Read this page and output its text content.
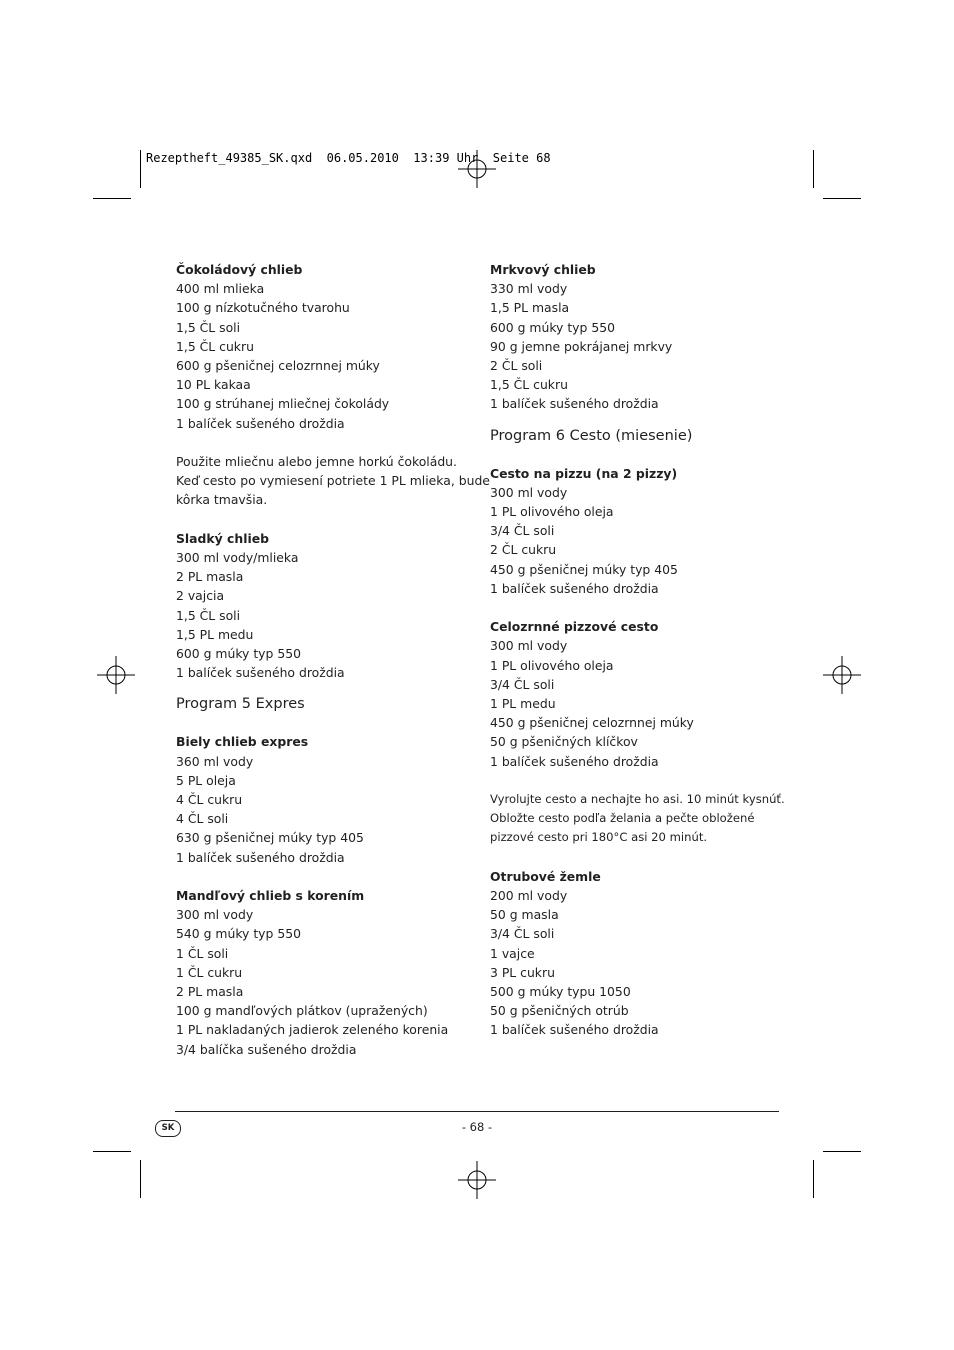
Rezeptheft_49385_SK.qxd  06.05.2010  13:39 Uhr  Seite 68
Čokoládový chlieb
400 ml mlieka
100 g nízkotučného tvarohu
1,5 ČL soli
1,5 ČL cukru
600 g pšeničnej celozrnnej múky
10 PL kakaa
100 g strúhanej mliečnej čokolády
1 balíček sušeného droždia
Použite mliečnu alebo jemne horkú čokoládu.
Keď cesto po vymiesení potriete 1 PL mlieka, bude
kôrka tmavšia.
Sladký chlieb
300 ml vody/mlieka
2 PL masla
2 vajcia
1,5 ČL soli
1,5 PL medu
600 g múky typ 550
1 balíček sušeného droždia
Program 5 Expres
Biely chlieb expres
360 ml vody
5 PL oleja
4 ČL cukru
4 ČL soli
630 g pšeničnej múky typ 405
1 balíček sušeného droždia
Mandľový chlieb s korením
300 ml vody
540 g múky typ 550
1 ČL soli
1 ČL cukru
2 PL masla
100 g mandľových plátkov (upražených)
1 PL nakladaných jadierok zeleného korenia
3/4 balíčka sušeného droždia
Mrkvový chlieb
330 ml vody
1,5 PL masla
600 g múky typ 550
90 g jemne pokrájanej mrkvy
2 ČL soli
1,5 ČL cukru
1 balíček sušeného droždia
Program 6 Cesto (miesenie)
Cesto na pizzu (na 2 pizzy)
300 ml vody
1 PL olivového oleja
3/4 ČL soli
2 ČL cukru
450 g pšeničnej múky typ 405
1 balíček sušeného droždia
Celozrnné pizzové cesto
300 ml vody
1 PL olivového oleja
3/4 ČL soli
1 PL medu
450 g pšeničnej celozrnnej múky
50 g pšeničných klíčkov
1 balíček sušeného droždia
Vyrolujte cesto a nechajte ho asi. 10 minút kysnúť.
Obložte cesto podľa želania a pečte obložené
pizzové cesto pri 180°C asi 20 minút.
Otrubové žemle
200 ml vody
50 g masla
3/4 ČL soli
1 vajce
3 PL cukru
500 g múky typu 1050
50 g pšeničných otrúb
1 balíček sušeného droždia
SK	- 68 -
